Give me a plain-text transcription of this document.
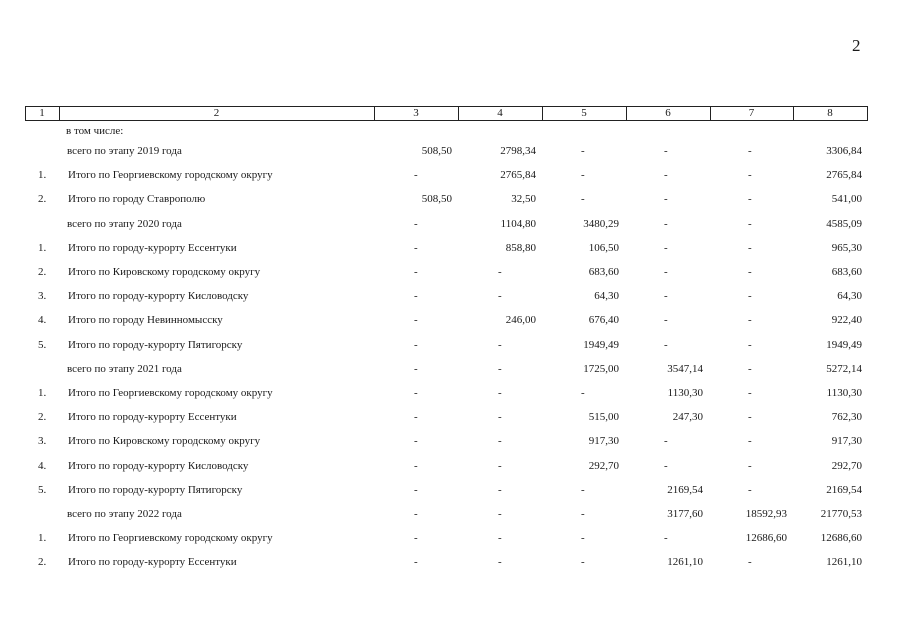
2
1	2	3	4	5	6	7	8
в том числе:
всего по этапу 2019 года	508,50	2798,34	-	-	-	3306,84
1. Итого по Георгиевскому городскому округу	-	2765,84	-	-	-	2765,84
2. Итого по городу Ставрополю	508,50	32,50	-	-	-	541,00
всего по этапу 2020 года	-	1104,80	3480,29	-	-	4585,09
1. Итого по городу-курорту Ессентуки	-	858,80	106,50	-	-	965,30
2. Итого по Кировскому городскому округу	-	-	683,60	-	-	683,60
3. Итого по городу-курорту Кисловодску	-	-	64,30	-	-	64,30
4. Итого по городу Невинномысску	-	246,00	676,40	-	-	922,40
5. Итого по городу-курорту Пятигорску	-	-	1949,49	-	-	1949,49
всего по этапу 2021 года	-	-	1725,00	3547,14	-	5272,14
1. Итого по Георгиевскому городскому округу	-	-	-	1130,30	-	1130,30
2. Итого по городу-курорту Ессентуки	-	-	515,00	247,30	-	762,30
3. Итого по Кировскому городскому округу	-	-	917,30	-	-	917,30
4. Итого по городу-курорту Кисловодску	-	-	292,70	-	-	292,70
5. Итого по городу-курорту Пятигорску	-	-	-	2169,54	-	2169,54
всего по этапу 2022 года	-	-	-	3177,60	18592,93	21770,53
1. Итого по Георгиевскому городскому округу	-	-	-	-	12686,60	12686,60
2. Итого по городу-курорту Ессентуки	-	-	-	1261,10	-	1261,10
